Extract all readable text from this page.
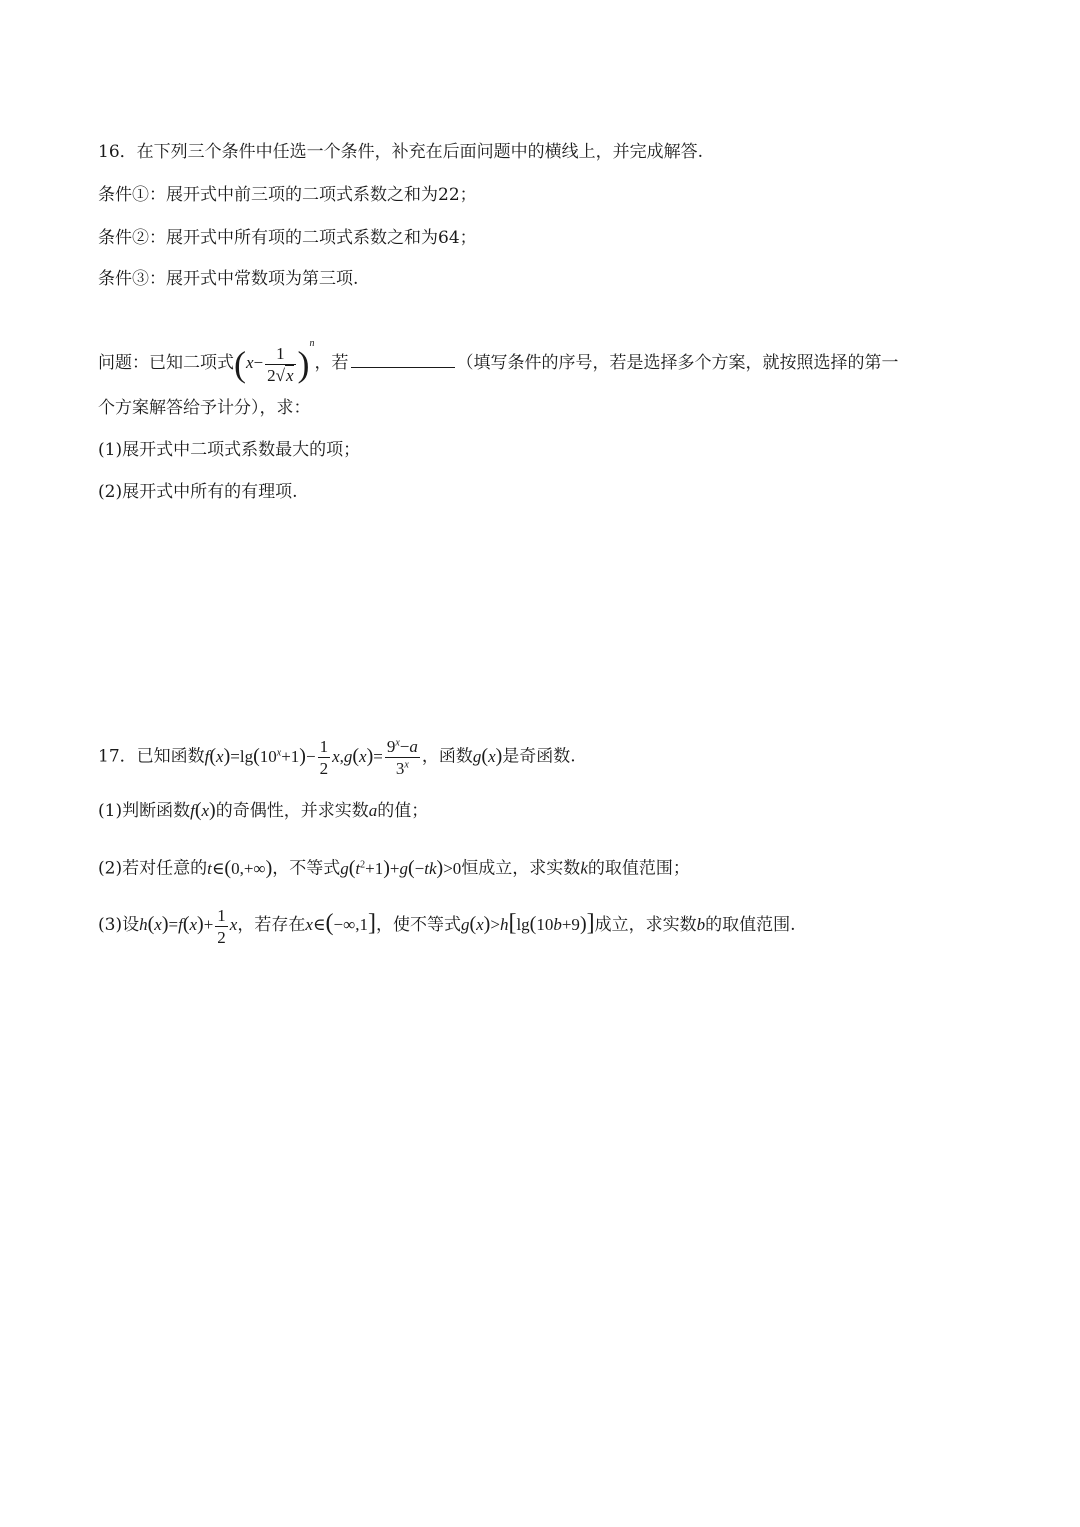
16．在下列三个条件中任选一个条件，补充在后面问题中的横线上，并完成解答.
条件①：展开式中前三项的二项式系数之和为22；
条件②：展开式中所有项的二项式系数之和为64；
条件③：展开式中常数项为第三项.
问题：已知二项式$(x- \frac{1}{2√x} )^n$，若	（填写条件的序号，若是选择多个方案，就按照选择的第一
个方案解答给予计分），求：
(1)展开式中二项式系数最大的项；
(2)展开式中所有的有理项.
17．已知函数$f(x)=\lg(10^x+1)- \frac{1}{2} x,g(x)= \frac{9^x-a}{3^x}$ ，函数g(x)是奇函数.
(1)判断函数f(x)的奇偶性，并求实数a的值；
(2)若对任意的t∈(0,+∞)，不等式$g(t^2+1)+g(-tk)>0$恒成立，求实数k的取值范围；
(3)设$h(x)=f(x)+ \frac{1}{2}$ x，若存在x∈(−∞,1]，使不等式g(x)>h[lg(10b+9)]成立，求实数b的取值范围.
